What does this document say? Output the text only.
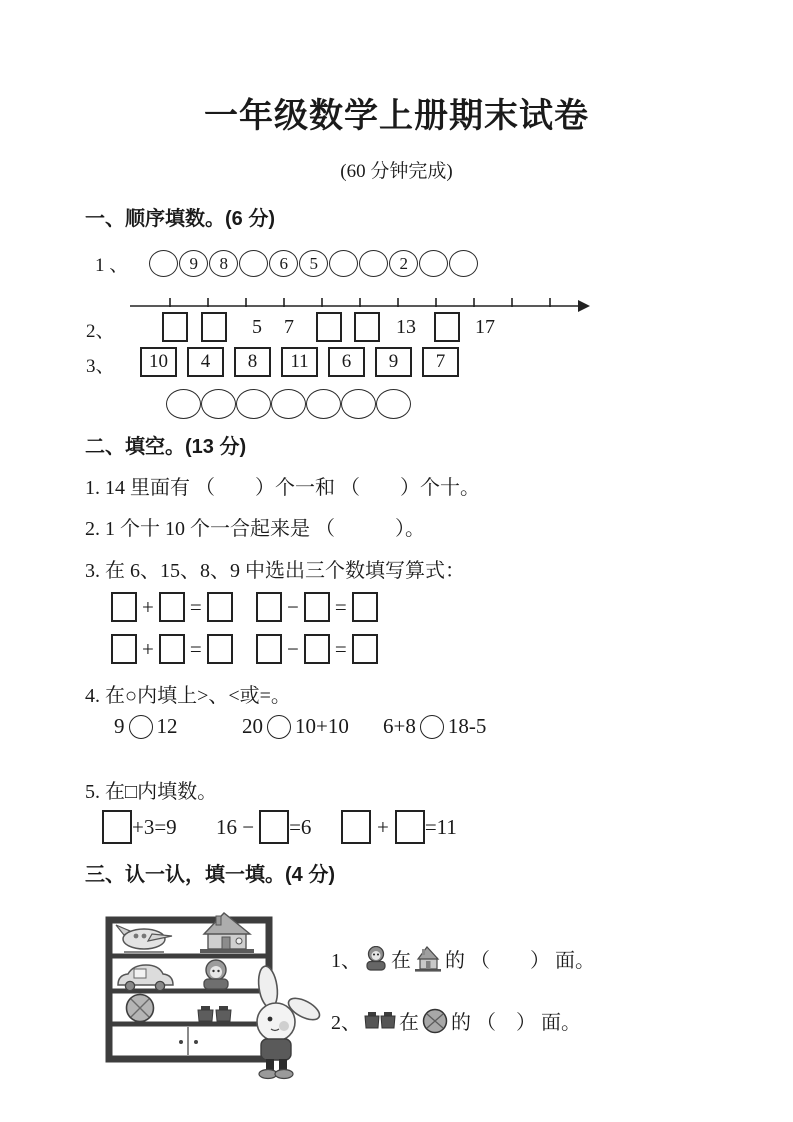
一年级数学上册期末试卷
(60 分钟完成)
一、顺序填数。(6 分)
1 、	9	8	6	5	2
2、	5 7	13	17
3、	10 4 8 11 6 9 7
二、填空。(13 分)
1. 14 里面有 （　　）个一和 （　　）个十。
2. 1 个十 10 个一合起来是 （　　　）。
3. 在 6、15、8、9 中选出三个数填写算式：
+ =	− =
+ =	− =
4. 在○内填上>、<或=。
9 12	20 10+10 6+8 18-5
5. 在□内填数。
+3=9 16 − =6	+ =11
三、认一认，填一填。(4 分)
1、 在 的 （　　） 面。
2、 在 的 （　） 面。
